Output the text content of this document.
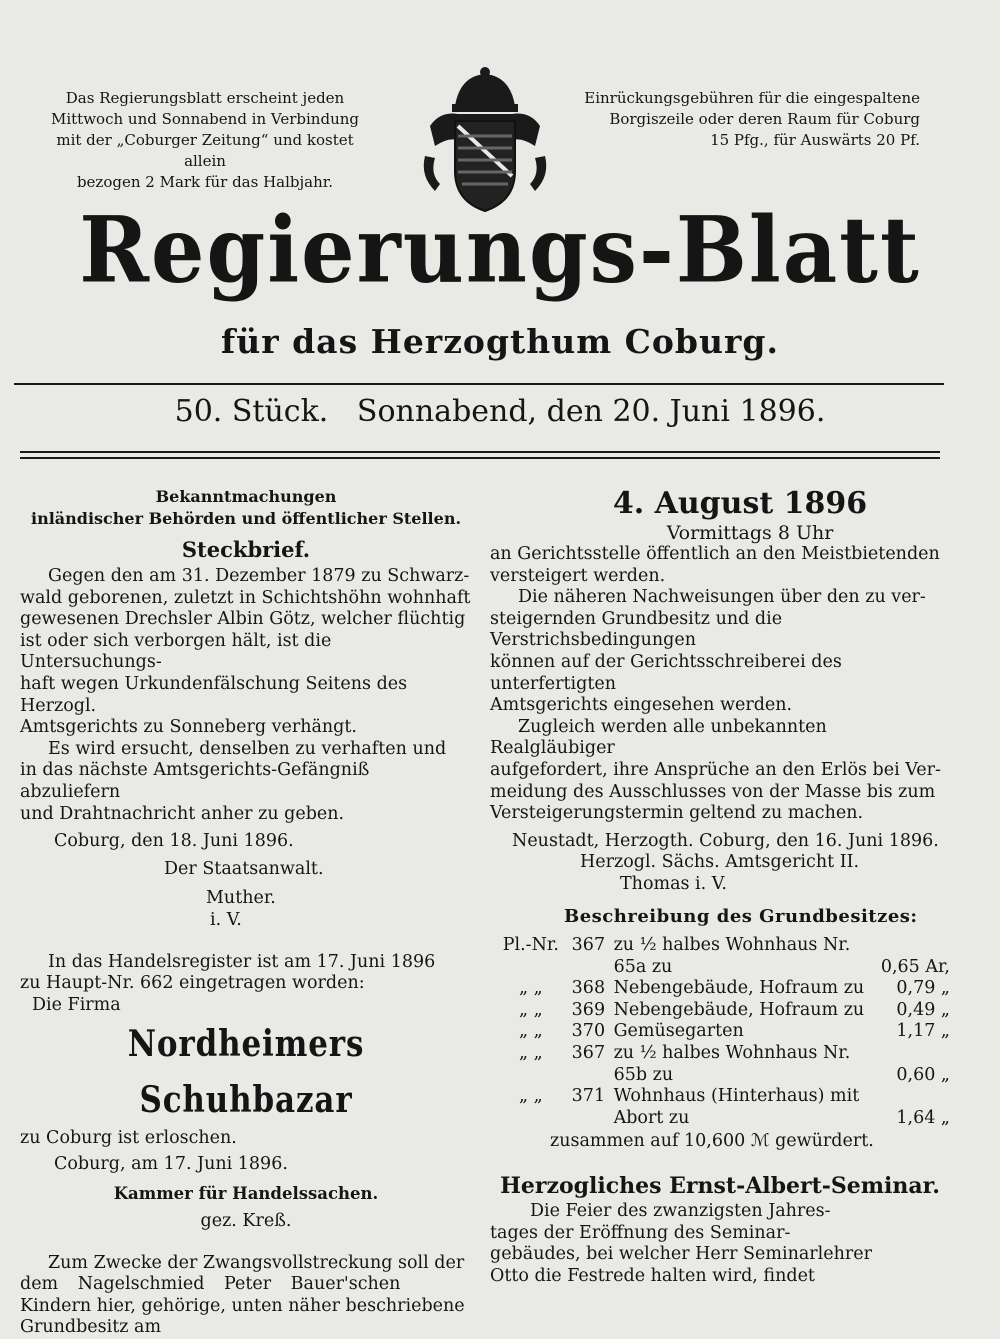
Das Regierungsblatt erscheint jeden
Mittwoch und Sonnabend in Verbindung
mit der „Coburger Zeitung“ und kostet allein
bezogen 2 Mark für das Halbjahr.
Einrückungsgebühren für die eingespaltene
Borgiszeile oder deren Raum für Coburg
15 Pfg., für Auswärts 20 Pf.
Regierungs-Blatt
für das Herzogthum Coburg.
50. Stück.   Sonnabend, den 20. Juni 1896.
Bekanntmachungen
inländischer Behörden und öffentlicher Stellen.
Steckbrief.

Gegen den am 31. Dezember 1879 zu Schwarz-

wald geborenen, zuletzt in Schichtshöhn wohnhaft

gewesenen Drechsler Albin Götz, welcher flüchtig

ist oder sich verborgen hält, ist die Untersuchungs-

haft wegen Urkundenfälschung Seitens des Herzogl.

Amtsgerichts zu Sonneberg verhängt.

Es wird ersucht, denselben zu verhaften und

in das nächste Amtsgerichts-Gefängniß abzuliefern

und Drahtnachricht anher zu geben.

Coburg, den 18. Juni 1896.

Der Staatsanwalt.

Muther.

i. V.

In das Handelsregister ist am 17. Juni 1896

zu Haupt-Nr. 662 eingetragen worden:

Die Firma

Nordheimers Schuhbazar

zu Coburg ist erloschen.

Coburg, am 17. Juni 1896.

Kammer für Handelssachen.

gez. Kreß.

Zum Zwecke der Zwangsvollstreckung soll der

dem Nagelschmied Peter Bauer'schen

Kindern hier, gehörige, unten näher beschriebene

Grundbesitz am

4. August 1896
Vormittags 8 Uhr

an Gerichtsstelle öffentlich an den Meistbietenden

versteigert werden.

Die näheren Nachweisungen über den zu ver-

steigernden Grundbesitz und die Verstrichsbedingungen

können auf der Gerichtsschreiberei des unterfertigten

Amtsgerichts eingesehen werden.

Zugleich werden alle unbekannten Realgläubiger

aufgefordert, ihre Ansprüche an den Erlös bei Ver-

meidung des Ausschlusses von der Masse bis zum

Versteigerungstermin geltend zu machen.

Neustadt, Herzogth. Coburg, den 16. Juni 1896.

Herzogl. Sächs. Amtsgericht II.

Thomas i. V.

Beschreibung des Grundbesitzes:

Pl.-Nr.	367	zu ½ halbes Wohnhaus Nr.	
		65a zu	0,65 Ar,
„ „	368	Nebengebäude, Hofraum zu	0,79 „
„ „	369	Nebengebäude, Hofraum zu	0,49 „
„ „	370	Gemüsegarten	1,17 „
„ „	367	zu ½ halbes Wohnhaus Nr.	
		65b zu	0,60 „
„ „	371	Wohnhaus (Hinterhaus) mit	
		Abort zu	1,64 „

zusammen auf 10,600 ℳ gewürdert.

Herzogliches Ernst-Albert-Seminar.

Die Feier des zwanzigsten Jahres-

tages der Eröffnung des Seminar-

gebäudes, bei welcher Herr Seminarlehrer

Otto die Festrede halten wird, findet
